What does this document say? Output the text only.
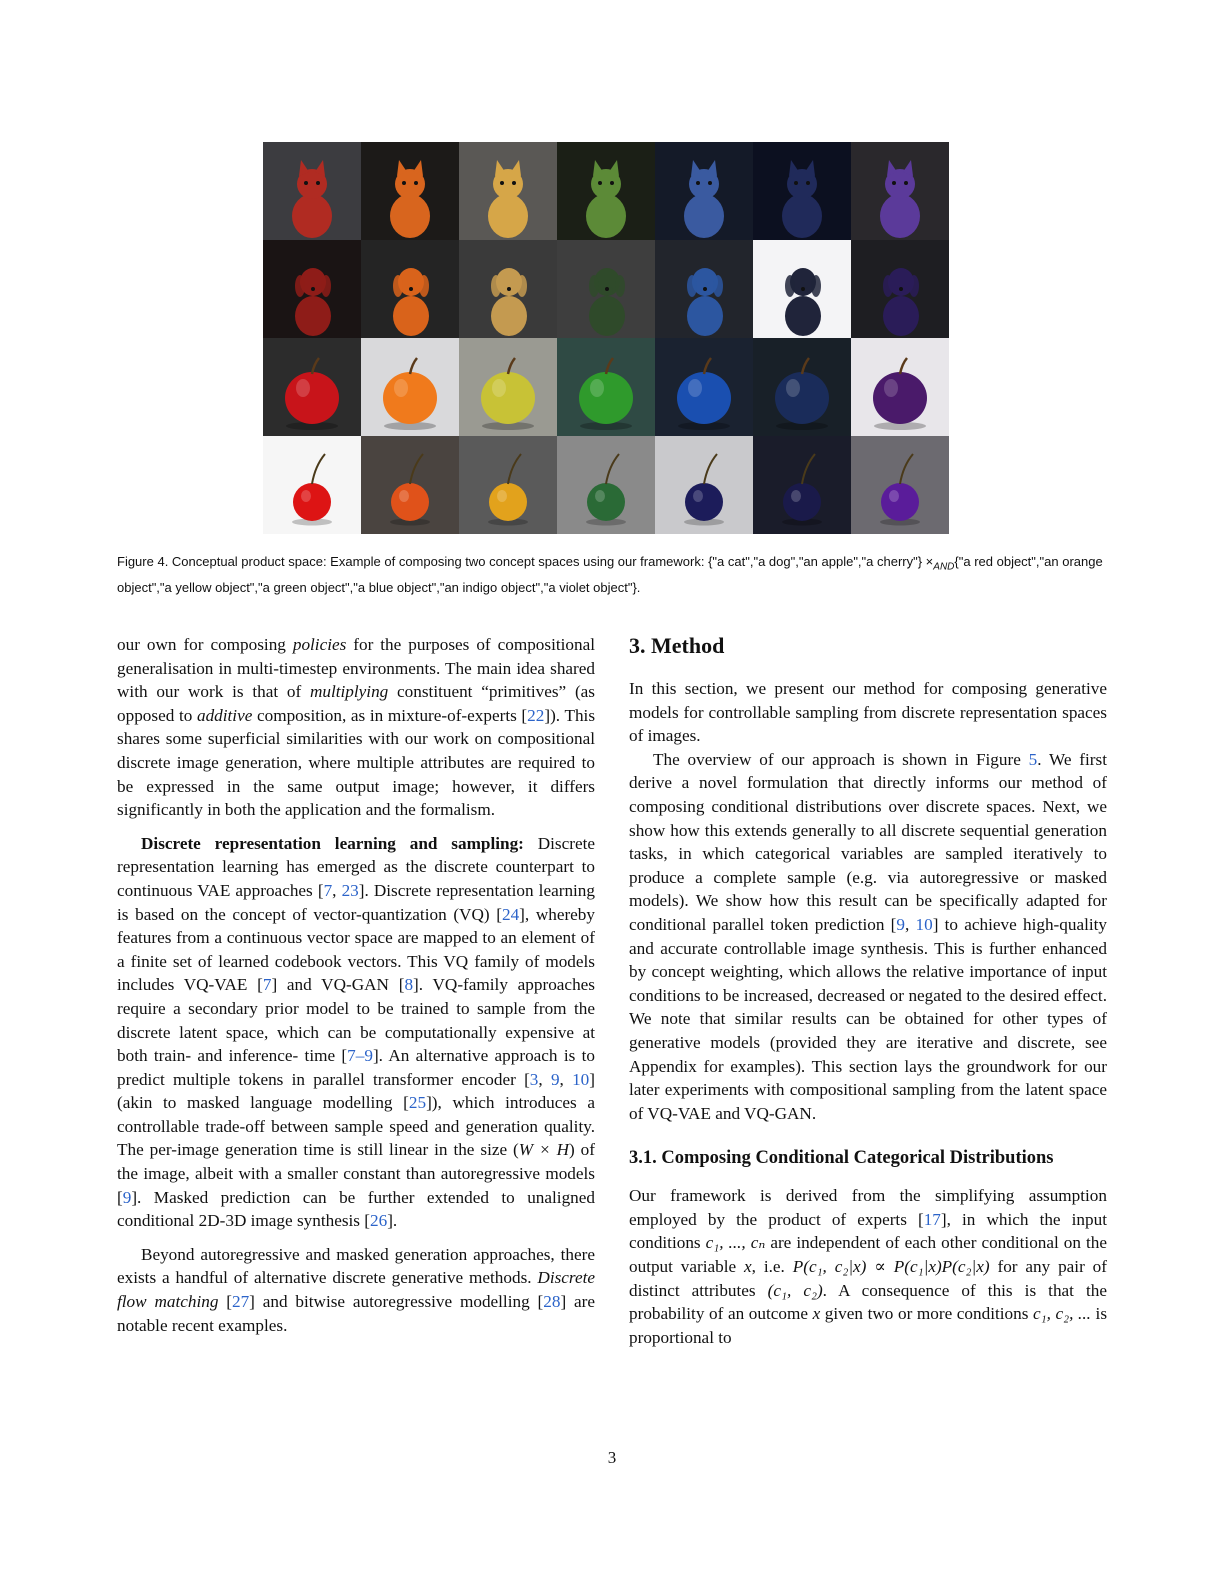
Figure 4. Conceptual product space: Example of composing two concept spaces using our framework: {"a cat","a dog","an apple","a cherry"} $\times_{AND}\{"a$ red object","an orange object","a yellow object","a green object","a blue object","an indigo object","a violet object"}.

our own for composing policies for the purposes of compositional generalisation in multi-timestep environments. The main idea shared with our work is that of multiplying constituent “primitives” (as opposed to additive composition, as in mixture-of-experts [22]). This shares some superficial similarities with our work on compositional discrete image generation, where multiple attributes are required to be expressed in the same output image; however, it differs significantly in both the application and the formalism.

Discrete representation learning and sampling: Discrete representation learning has emerged as the discrete counterpart to continuous VAE approaches [7, 23]. Discrete representation learning is based on the concept of vector-quantization (VQ) [24], whereby features from a continuous vector space are mapped to an element of a finite set of learned codebook vectors. This VQ family of models includes VQ-VAE [7] and VQ-GAN [8]. VQ-family approaches require a secondary prior model to be trained to sample from the discrete latent space, which can be computationally expensive at both train- and inference- time [7–9]. An alternative approach is to predict multiple tokens in parallel transformer encoder [3, 9, 10] (akin to masked language modelling [25]), which introduces a controllable trade-off between sample speed and generation quality. The per-image generation time is still linear in the size (W × H) of the image, albeit with a smaller constant than autoregressive models [9]. Masked prediction can be further extended to unaligned conditional 2D-3D image synthesis [26].

Beyond autoregressive and masked generation approaches, there exists a handful of alternative discrete generative methods. Discrete flow matching [27] and bitwise autoregressive modelling [28] are notable recent examples.

3. Method

In this section, we present our method for composing generative models for controllable sampling from discrete representation spaces of images.

The overview of our approach is shown in Figure 5. We first derive a novel formulation that directly informs our method of composing conditional distributions over discrete spaces. Next, we show how this extends generally to all discrete sequential generation tasks, in which categorical variables are sampled iteratively to produce a complete sample (e.g. via autoregressive or masked models). We show how this result can be specifically adapted for conditional parallel token prediction [9, 10] to achieve high-quality and accurate controllable image synthesis. This is further enhanced by concept weighting, which allows the relative importance of input conditions to be increased, decreased or negated to the desired effect. We note that similar results can be obtained for other types of generative models (provided they are iterative and discrete, see Appendix for examples). This section lays the groundwork for our later experiments with compositional sampling from the latent space of VQ-VAE and VQ-GAN.

3.1. Composing Conditional Categorical Distributions

Our framework is derived from the simplifying assumption employed by the product of experts [17], in which the input conditions c₁, ..., cₙ are independent of each other conditional on the output variable x, i.e. P(c₁, c₂|x) ∝ P(c₁|x)P(c₂|x) for any pair of distinct attributes (c₁, c₂). A consequence of this is that the probability of an outcome x given two or more conditions c₁, c₂, ... is proportional to

3
